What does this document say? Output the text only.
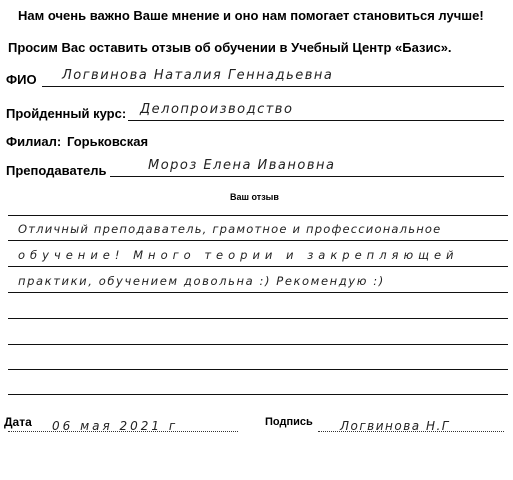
Нам очень важно Ваше мнение и оно нам помогает становиться лучше!
Просим Вас оставить отзыв об обучении в Учебный Центр «Базис».
ФИО Логвинова Наталия Геннадьевна
Пройденный курс: Делопроизводство
Филиал: Горьковская
Преподаватель	Мороз Елена Ивановна
Ваш отзыв
Отличный преподаватель, грамотное и профессиональное
обучение! Много теории и закрепляющей
практики, обучением довольна :) Рекомендую :)
Дата 06 мая 2021 г	Подпись Логвинова Н.Г
